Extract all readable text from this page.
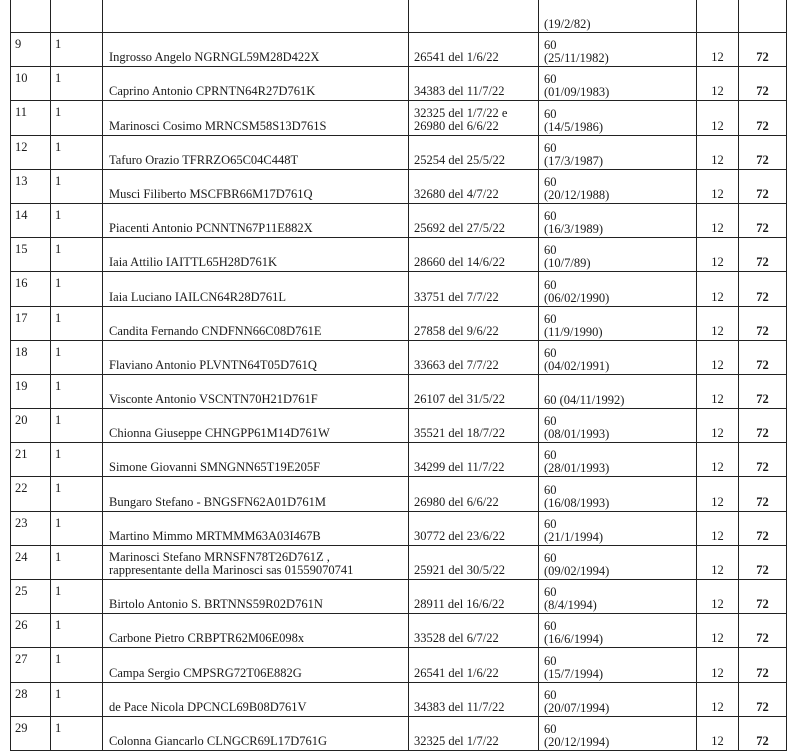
				(19/2/82)		

9	1	Ingrosso Angelo NGRNGL59M28D422X	26541 del 1/6/22	60
(25/11/1982)	12	72

10	1	Caprino Antonio CPRNTN64R27D761K	34383 del 11/7/22	60
(01/09/1983)	12	72

11	1	Marinosci Cosimo MRNCSM58S13D761S	32325 del 1/7/22 e
26980 del 6/6/22	60
(14/5/1986)	12	72

12	1	Tafuro Orazio TFRRZO65C04C448T	25254 del 25/5/22	60
(17/3/1987)	12	72

13	1	Musci Filiberto MSCFBR66M17D761Q	32680 del 4/7/22	60
(20/12/1988)	12	72

14	1	Piacenti Antonio PCNNTN67P11E882X	25692 del 27/5/22	60
(16/3/1989)	12	72

15	1	Iaia Attilio IAITTL65H28D761K	28660 del 14/6/22	60
(10/7/89)	12	72

16	1	Iaia Luciano IAILCN64R28D761L	33751 del 7/7/22	60
(06/02/1990)	12	72

17	1	Candita Fernando CNDFNN66C08D761E	27858 del 9/6/22	60
(11/9/1990)	12	72

18	1	Flaviano Antonio PLVNTN64T05D761Q	33663 del 7/7/22	60
(04/02/1991)	12	72

19	1	Visconte Antonio VSCNTN70H21D761F	26107 del 31/5/22	60 (04/11/1992)	12	72

20	1	Chionna Giuseppe CHNGPP61M14D761W	35521 del 18/7/22	60
(08/01/1993)	12	72

21	1	Simone Giovanni SMNGNN65T19E205F	34299 del 11/7/22	60
(28/01/1993)	12	72

22	1	Bungaro Stefano - BNGSFN62A01D761M	26980 del 6/6/22	60
(16/08/1993)	12	72

23	1	Martino Mimmo MRTMMM63A03I467B	30772 del 23/6/22	60
(21/1/1994)	12	72

24	1	Marinosci Stefano MRNSFN78T26D761Z ,
rappresentante della Marinosci sas 01559070741	25921 del 30/5/22	60
(09/02/1994)	12	72

25	1	Birtolo Antonio S. BRTNNS59R02D761N	28911 del 16/6/22	60
(8/4/1994)	12	72

26	1	Carbone Pietro CRBPTR62M06E098x	33528 del 6/7/22	60
(16/6/1994)	12	72

27	1	Campa Sergio CMPSRG72T06E882G	26541 del 1/6/22	60
(15/7/1994)	12	72

28	1	de Pace Nicola DPCNCL69B08D761V	34383 del 11/7/22	60
(20/07/1994)	12	72

29	1	Colonna Giancarlo CLNGCR69L17D761G	32325 del 1/7/22	60
(20/12/1994)	12	72
